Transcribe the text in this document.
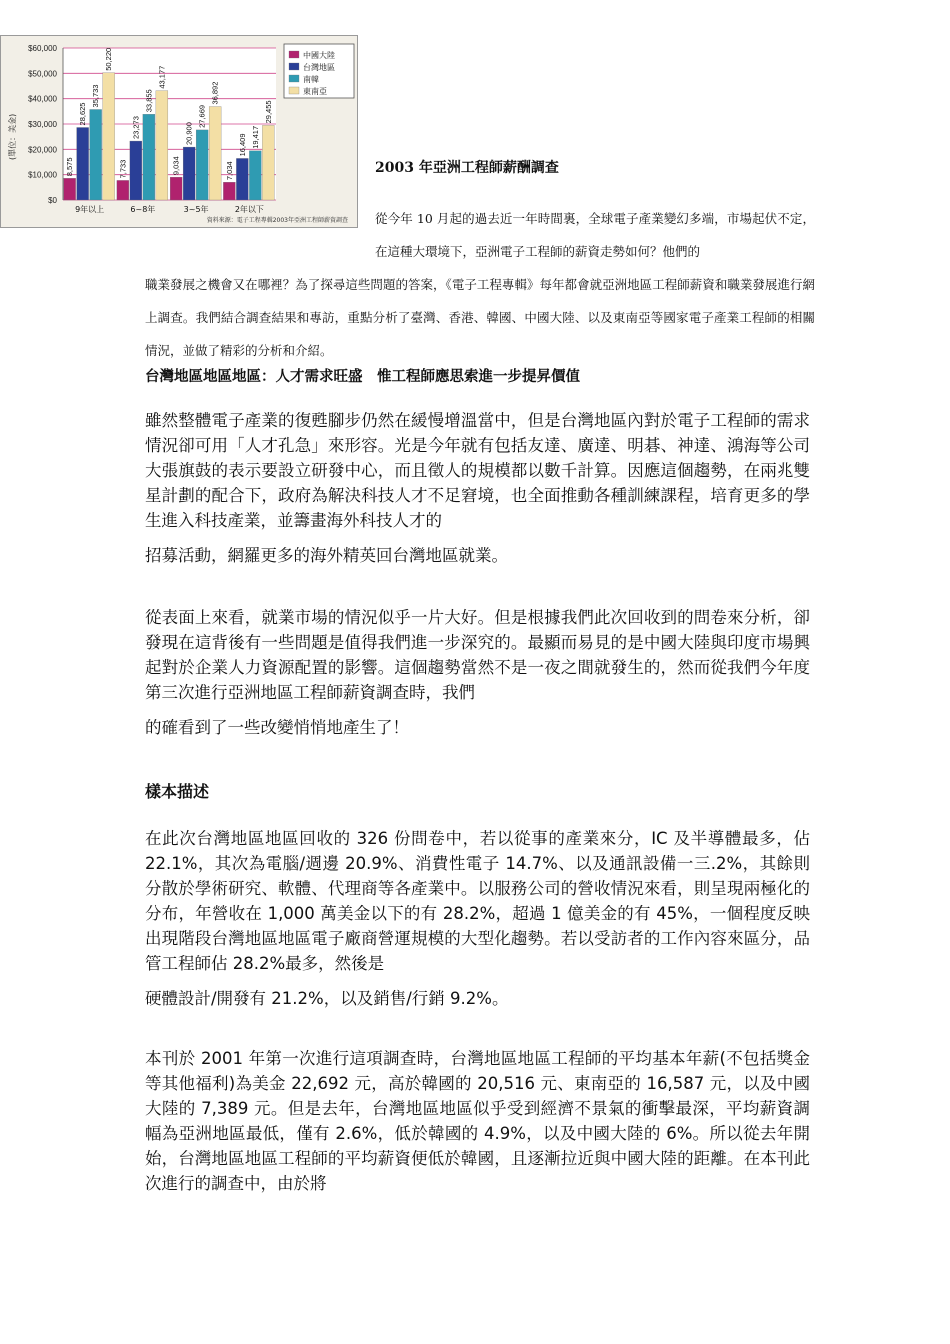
$0
$10,000
$20,000
$30,000
$40,000
$50,000
$60,000
(單位：美金)
8,575
28,625
35,733
50,220
9年以上
7,733
23,273
33,855
43,177
6~8年
9,034
20,900
27,669
36,892
3~5年
7,034
16,409 19,417
29,455
2年以下
中國大陸
台灣地區
南韓
東南亞
資料來源：電子工程專輯2003年亞洲工程師薪資調查
2003 年亞洲工程師薪酬調查
從今年 10 月起的過去近一年時間裏，全球電子產業變幻多端，市場起伏不定，在這種大環境下，亞洲電子工程師的薪資走勢如何？他們的
職業發展之機會又在哪裡？為了探尋這些問題的答案，《電子工程專輯》每年都會就亞洲地區工程師薪資和職業發展進行網上調查。我們結合調查結果和專訪，重點分析了臺灣、香港、韓國、中國大陸、以及東南亞等國家電子產業工程師的相關情況，並做了精彩的分析和介紹。
台灣地區地區地區：人才需求旺盛　惟工程師應思索進一步提昇價值
雖然整體電子產業的復甦腳步仍然在緩慢增溫當中，但是台灣地區內對於電子工程師的需求情況卻可用「人才孔急」來形容。光是今年就有包括友達、廣達、明碁、神達、鴻海等公司大張旗鼓的表示要設立研發中心，而且徵人的規模都以數千計算。因應這個趨勢，在兩兆雙星計劃的配合下，政府為解決科技人才不足窘境，也全面推動各種訓練課程，培育更多的學生進入科技產業，並籌畫海外科技人才的
招募活動，網羅更多的海外精英回台灣地區就業。
從表面上來看，就業市場的情況似乎一片大好。但是根據我們此次回收到的問卷來分析，卻發現在這背後有一些問題是值得我們進一步深究的。最顯而易見的是中國大陸與印度市場興起對於企業人力資源配置的影響。這個趨勢當然不是一夜之間就發生的，然而從我們今年度第三次進行亞洲地區工程師薪資調查時，我們
的確看到了一些改變悄悄地產生了！
樣本描述
在此次台灣地區地區回收的 326 份問卷中，若以從事的產業來分，IC 及半導體最多，佔 22.1%，其次為電腦/週邊 20.9%、消費性電子 14.7%、以及通訊設備一三.2%，其餘則分散於學術研究、軟體、代理商等各產業中。以服務公司的營收情況來看，則呈現兩極化的分布，年營收在 1,000 萬美金以下的有 28.2%，超過 1 億美金的有 45%，一個程度反映出現階段台灣地區地區電子廠商營運規模的大型化趨勢。若以受訪者的工作內容來區分，品管工程師佔 28.2%最多，然後是
硬體設計/開發有 21.2%，以及銷售/行銷 9.2%。
本刊於 2001 年第一次進行這項調查時，台灣地區地區工程師的平均基本年薪(不包括獎金等其他福利)為美金 22,692 元，高於韓國的 20,516 元、東南亞的 16,587 元，以及中國大陸的 7,389 元。但是去年，台灣地區地區似乎受到經濟不景氣的衝擊最深，平均薪資調幅為亞洲地區最低，僅有 2.6%，低於韓國的 4.9%，以及中國大陸的 6%。所以從去年開始，台灣地區地區工程師的平均薪資便低於韓國，且逐漸拉近與中國大陸的距離。在本刊此次進行的調查中，由於將
